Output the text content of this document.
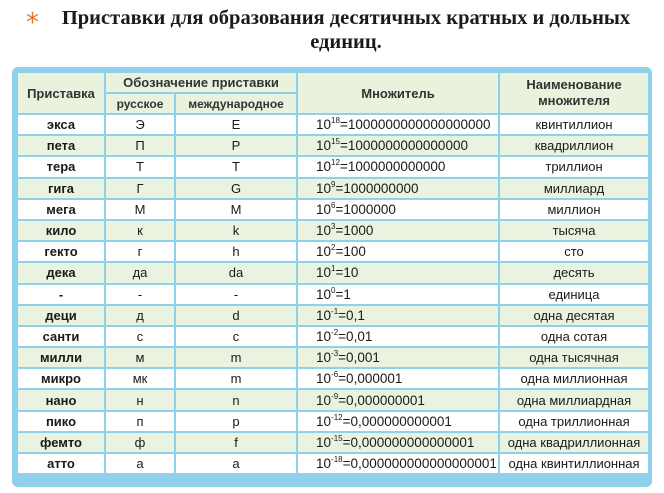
*	Приставки для образования десятичных кратных и дольных единиц.

Приставка	Обозначение приставки		Множитель	Наименование множителя
	русское	международное		
экса	Э	E	$10^{18}=1000000000000000000$	квинтиллион
пета	П	P	$10^{15}=1000000000000000$	квадриллион
тера	Т	T	$10^{12}=1000000000000$	триллион
гига	Г	G	$10^9=1000000000$	миллиард
мега	М	M	$10^6=1000000$	миллион
кило	к	k	$10^3=1000$	тысяча
гекто	г	h	$10^2=100$	сто
дека	да	da	$10^1=10$	десять
-	-	-	$10^0=1$	единица
деци	д	d	$10^{-1}=0,1$	одна десятая
санти	с	c	$10^{-2}=0,01$	одна сотая
милли	м	m	$10^{-3}=0,001$	одна тысячная
микро	мк	m	$10^{-6}=0,000001$	одна миллионная
нано	н	n	$10^{-9}=0,000000001$	одна миллиардная
пико	п	p	$10^{-12}=0,000000000001$	одна триллионная
фемто	ф	f	$10^{-15}=0,000000000000001$	одна квадриллионная
атто	а	a	$10^{-18}=0,000000000000000001$	одна квинтиллионная
